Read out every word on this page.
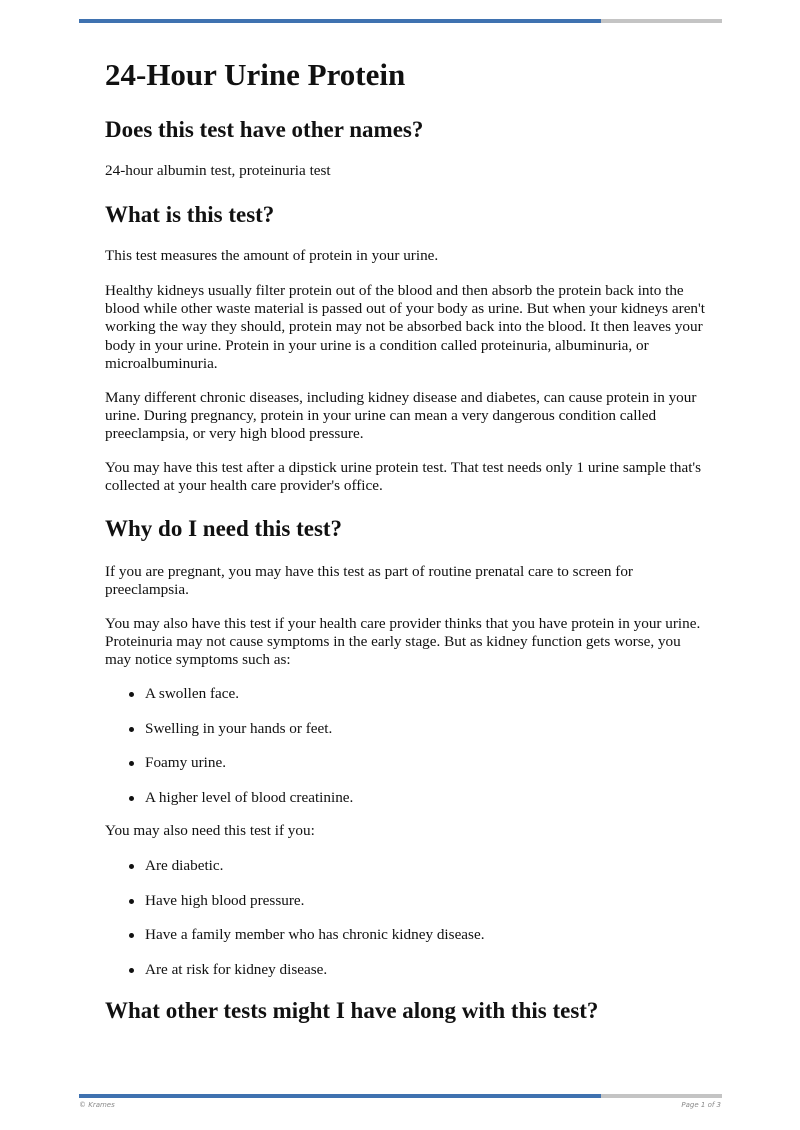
24-Hour Urine Protein
Does this test have other names?

24-hour albumin test, proteinuria test

What is this test?

This test measures the amount of protein in your urine.

Healthy kidneys usually filter protein out of the blood and then absorb the protein back into the blood while other waste material is passed out of your body as urine. But when your kidneys aren't working the way they should, protein may not be absorbed back into the blood. It then leaves your body in your urine. Protein in your urine is a condition called proteinuria, albuminuria, or microalbuminuria.

Many different chronic diseases, including kidney disease and diabetes, can cause protein in your urine. During pregnancy, protein in your urine can mean a very dangerous condition called preeclampsia, or very high blood pressure.

You may have this test after a dipstick urine protein test. That test needs only 1 urine sample that's collected at your health care provider's office.

Why do I need this test?

If you are pregnant, you may have this test as part of routine prenatal care to screen for preeclampsia.

You may also have this test if your health care provider thinks that you have protein in your urine. Proteinuria may not cause symptoms in the early stage. But as kidney function gets worse, you may notice symptoms such as:

A swollen face.
Swelling in your hands or feet.
Foamy urine.
A higher level of blood creatinine.

You may also need this test if you:

Are diabetic.
Have high blood pressure.
Have a family member who has chronic kidney disease.
Are at risk for kidney disease.
What other tests might I have along with this test?
© Krames	Page 1 of 3
